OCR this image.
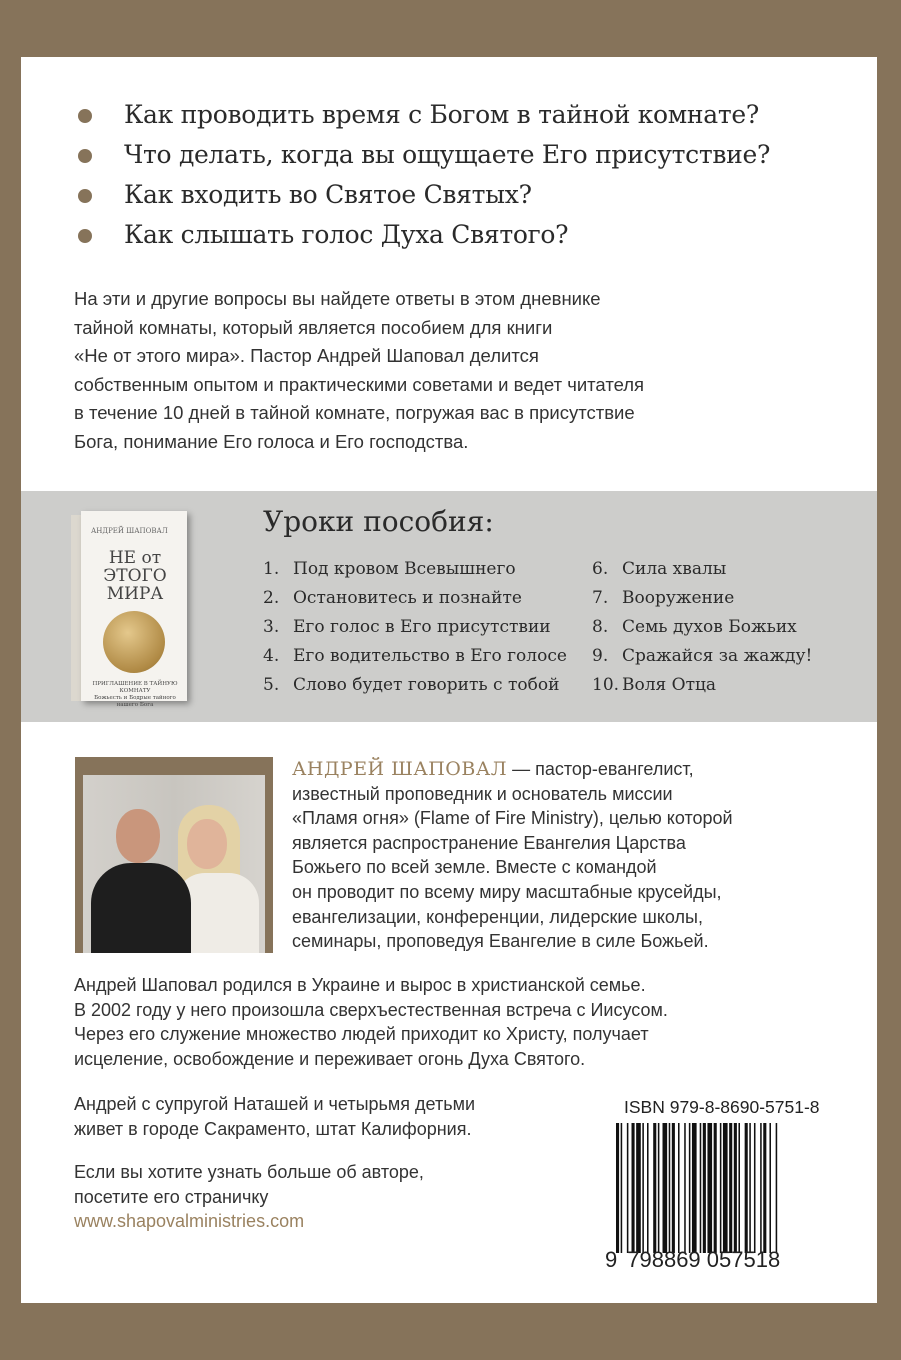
Как проводить время с Богом в тайной комнате?
Что делать, когда вы ощущаете Его присутствие?
Как входить во Святое Святых?
Как слышать голос Духа Святого?
На эти и другие вопросы вы найдете ответы в этом дневнике
тайной комнаты, который является пособием для книги
«Не от этого мира». Пастор Андрей Шаповал делится
собственным опытом и практическими советами и ведет читателя
в течение 10 дней в тайной комнате, погружая вас в присутствие
Бога, понимание Его голоса и Его господства.
АНДРЕЙ ШАПОВАЛ
НЕ от
ЭТОГО
МИРА
ПРИГЛАШЕНИЕ В ТАЙНУЮ КОМНАТУ
Божьесть и Бодрые тайного нашего Бога
Уроки пособия:
1. Под кровом Всевышнего
2. Остановитесь и познайте
3. Его голос в Его присутствии
4. Его водительство в Его голосе
5. Слово будет говорить с тобой
6. Сила хвалы
7. Вооружение
8. Семь духов Божьих
9. Сражайся за жажду!
10. Воля Отца
АНДРЕЙ ШАПОВАЛ — пастор-евангелист,
известный проповедник и основатель миссии
«Пламя огня» (Flame of Fire Ministry), целью которой
является распространение Евангелия Царства
Божьего по всей земле. Вместе с командой
он проводит по всему миру масштабные крусейды,
евангелизации, конференции, лидерские школы,
семинары, проповедуя Евангелие в силе Божьей.
Андрей Шаповал родился в Украине и вырос в христианской семье.
В 2002 году у него произошла сверхъестественная встреча с Иисусом.
Через его служение множество людей приходит ко Христу, получает
исцеление, освобождение и переживает огонь Духа Святого.
Андрей с супругой Наташей и четырьмя детьми
живет в городе Сакраменто, штат Калифорния.
Если вы хотите узнать больше об авторе,
посетите его страничку
www.shapovalministries.com
ISBN 979-8-8690-5751-8
9 798869 057518
